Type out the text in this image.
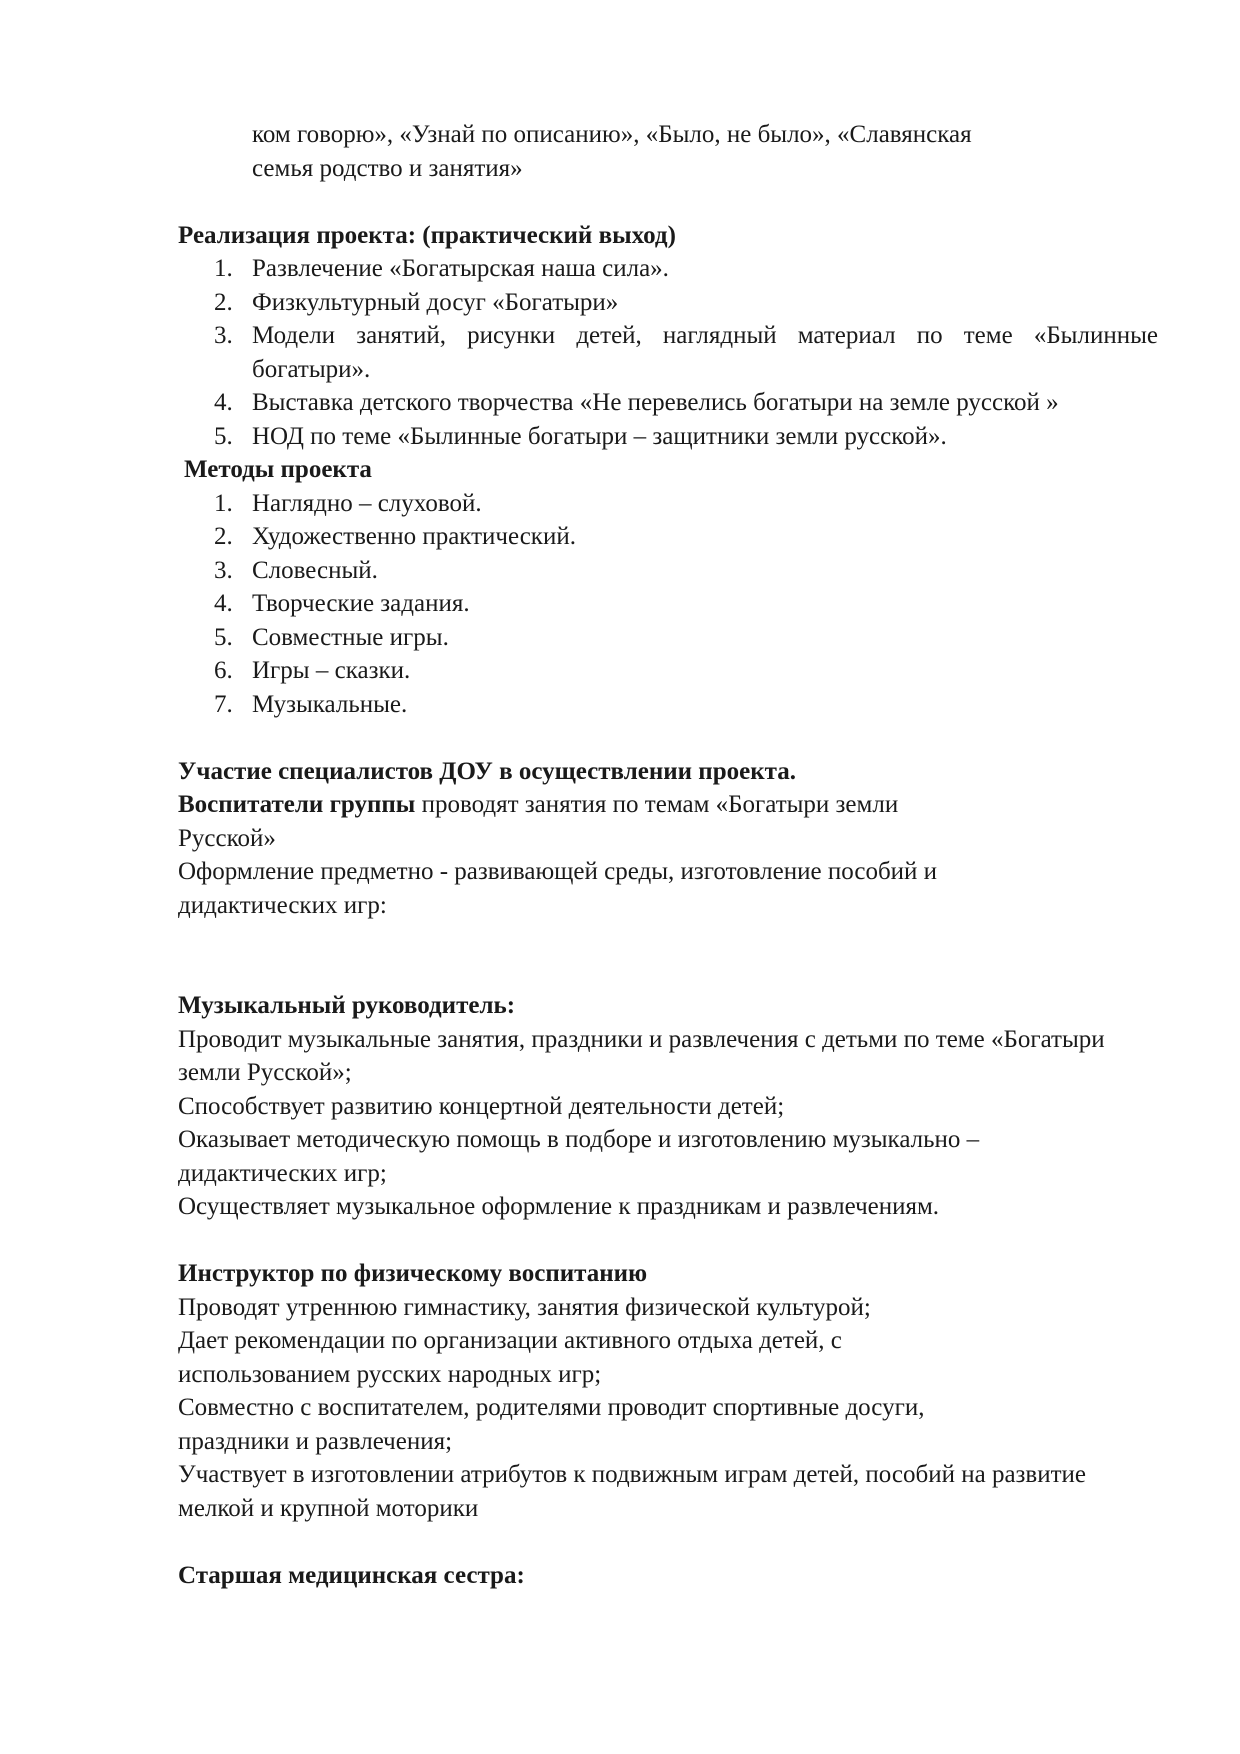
ком говорю», «Узнай по описанию», «Было, не было», «Славянская

семья родство и занятия»

Реализация проекта: (практический выход)

1. Развлечение «Богатырская наша сила».
2. Физкультурный досуг «Богатыри»
3. Модели занятий, рисунки детей, наглядный материал по теме «Былинные богатыри».
4. Выставка детского творчества «Не перевелись богатыри на земле русской »
5. НОД по теме «Былинные богатыри – защитники земли русской».

Методы проекта

1. Наглядно – слуховой.
2. Художественно практический.
3. Словесный.
4. Творческие задания.
5. Совместные игры.
6. Игры – сказки.
7. Музыкальные.

Участие специалистов ДОУ в осуществлении проекта.

Воспитатели группы проводят занятия по темам «Богатыри земли Русской»

Оформление предметно - развивающей среды, изготовление пособий и дидактических игр:

Музыкальный руководитель:

Проводит музыкальные занятия, праздники и развлечения с детьми по теме «Богатыри земли Русской»;

Способствует развитию концертной деятельности детей;

Оказывает методическую помощь в подборе и изготовлению музыкально – дидактических игр;

Осуществляет музыкальное оформление к праздникам и развлечениям.

Инструктор по физическому воспитанию

Проводят утреннюю гимнастику, занятия физической культурой;

Дает рекомендации по организации активного отдыха детей, с использованием русских народных игр;

Совместно с воспитателем, родителями проводит спортивные досуги, праздники и развлечения;

Участвует в изготовлении атрибутов к подвижным играм детей, пособий на развитие мелкой и крупной моторики

Старшая медицинская сестра:
